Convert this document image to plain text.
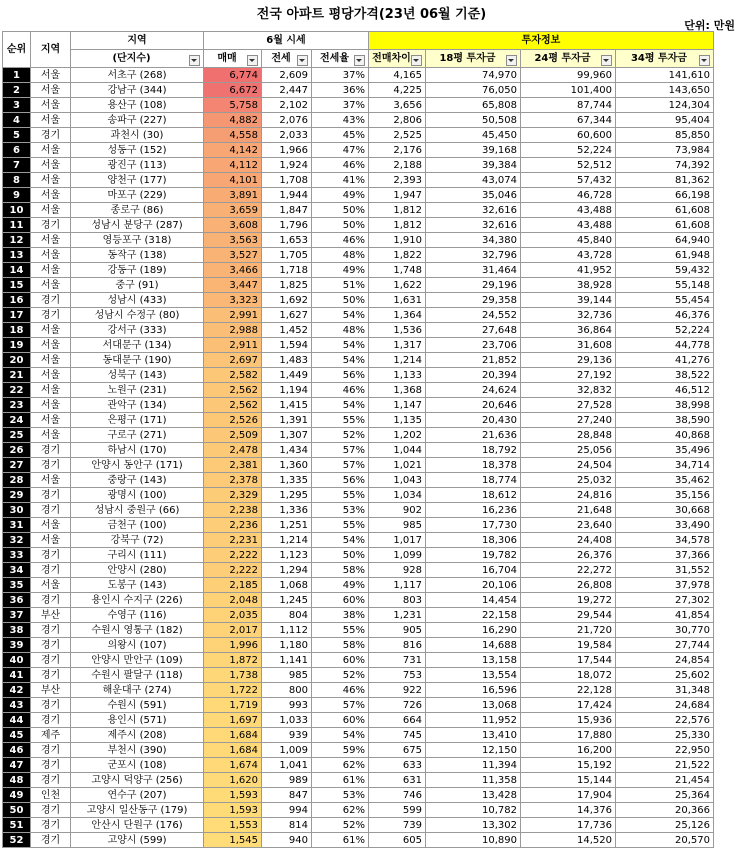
전국 아파트 평당가격(23년 06월 기준)
단위: 만원
순위	지역	지역	6월 시세			투자정보			
		(단지수)	매매	전세	전세율	전매차이	18평 투자금	24평 투자금	34평 투자금

1	서울	서초구 (268)	6,774	2,609	37%	4,165	74,970	99,960	141,610
2	서울	강남구 (344)	6,672	2,447	36%	4,225	76,050	101,400	143,650
3	서울	용산구 (108)	5,758	2,102	37%	3,656	65,808	87,744	124,304
4	서울	송파구 (227)	4,882	2,076	43%	2,806	50,508	67,344	95,404
5	경기	과천시 (30)	4,558	2,033	45%	2,525	45,450	60,600	85,850
6	서울	성동구 (152)	4,142	1,966	47%	2,176	39,168	52,224	73,984
7	서울	광진구 (113)	4,112	1,924	46%	2,188	39,384	52,512	74,392
8	서울	양천구 (177)	4,101	1,708	41%	2,393	43,074	57,432	81,362
9	서울	마포구 (229)	3,891	1,944	49%	1,947	35,046	46,728	66,198
10	서울	종로구 (86)	3,659	1,847	50%	1,812	32,616	43,488	61,608
11	경기	성남시 분당구 (287)	3,608	1,796	50%	1,812	32,616	43,488	61,608
12	서울	영등포구 (318)	3,563	1,653	46%	1,910	34,380	45,840	64,940
13	서울	동작구 (138)	3,527	1,705	48%	1,822	32,796	43,728	61,948
14	서울	강동구 (189)	3,466	1,718	49%	1,748	31,464	41,952	59,432
15	서울	중구 (91)	3,447	1,825	51%	1,622	29,196	38,928	55,148
16	경기	성남시 (433)	3,323	1,692	50%	1,631	29,358	39,144	55,454
17	경기	성남시 수정구 (80)	2,991	1,627	54%	1,364	24,552	32,736	46,376
18	서울	강서구 (333)	2,988	1,452	48%	1,536	27,648	36,864	52,224
19	서울	서대문구 (134)	2,911	1,594	54%	1,317	23,706	31,608	44,778
20	서울	동대문구 (190)	2,697	1,483	54%	1,214	21,852	29,136	41,276
21	서울	성북구 (143)	2,582	1,449	56%	1,133	20,394	27,192	38,522
22	서울	노원구 (231)	2,562	1,194	46%	1,368	24,624	32,832	46,512
23	서울	관악구 (134)	2,562	1,415	54%	1,147	20,646	27,528	38,998
24	서울	은평구 (171)	2,526	1,391	55%	1,135	20,430	27,240	38,590
25	서울	구로구 (271)	2,509	1,307	52%	1,202	21,636	28,848	40,868
26	경기	하남시 (170)	2,478	1,434	57%	1,044	18,792	25,056	35,496
27	경기	안양시 동안구 (171)	2,381	1,360	57%	1,021	18,378	24,504	34,714
28	서울	중랑구 (143)	2,378	1,335	56%	1,043	18,774	25,032	35,462
29	경기	광명시 (100)	2,329	1,295	55%	1,034	18,612	24,816	35,156
30	경기	성남시 중원구 (66)	2,238	1,336	53%	902	16,236	21,648	30,668
31	서울	금천구 (100)	2,236	1,251	55%	985	17,730	23,640	33,490
32	서울	강북구 (72)	2,231	1,214	54%	1,017	18,306	24,408	34,578
33	경기	구리시 (111)	2,222	1,123	50%	1,099	19,782	26,376	37,366
34	경기	안양시 (280)	2,222	1,294	58%	928	16,704	22,272	31,552
35	서울	도봉구 (143)	2,185	1,068	49%	1,117	20,106	26,808	37,978
36	경기	용인시 수지구 (226)	2,048	1,245	60%	803	14,454	19,272	27,302
37	부산	수영구 (116)	2,035	804	38%	1,231	22,158	29,544	41,854
38	경기	수원시 영통구 (182)	2,017	1,112	55%	905	16,290	21,720	30,770
39	경기	의왕시 (107)	1,996	1,180	58%	816	14,688	19,584	27,744
40	경기	안양시 만안구 (109)	1,872	1,141	60%	731	13,158	17,544	24,854
41	경기	수원시 팔달구 (118)	1,738	985	52%	753	13,554	18,072	25,602
42	부산	해운대구 (274)	1,722	800	46%	922	16,596	22,128	31,348
43	경기	수원시 (591)	1,719	993	57%	726	13,068	17,424	24,684
44	경기	용인시 (571)	1,697	1,033	60%	664	11,952	15,936	22,576
45	제주	제주시 (208)	1,684	939	54%	745	13,410	17,880	25,330
46	경기	부천시 (390)	1,684	1,009	59%	675	12,150	16,200	22,950
47	경기	군포시 (108)	1,674	1,041	62%	633	11,394	15,192	21,522
48	경기	고양시 덕양구 (256)	1,620	989	61%	631	11,358	15,144	21,454
49	인천	연수구 (207)	1,593	847	53%	746	13,428	17,904	25,364
50	경기	고양시 일산동구 (179)	1,593	994	62%	599	10,782	14,376	20,366
51	경기	안산시 단원구 (176)	1,553	814	52%	739	13,302	17,736	25,126
52	경기	고양시 (599)	1,545	940	61%	605	10,890	14,520	20,570
